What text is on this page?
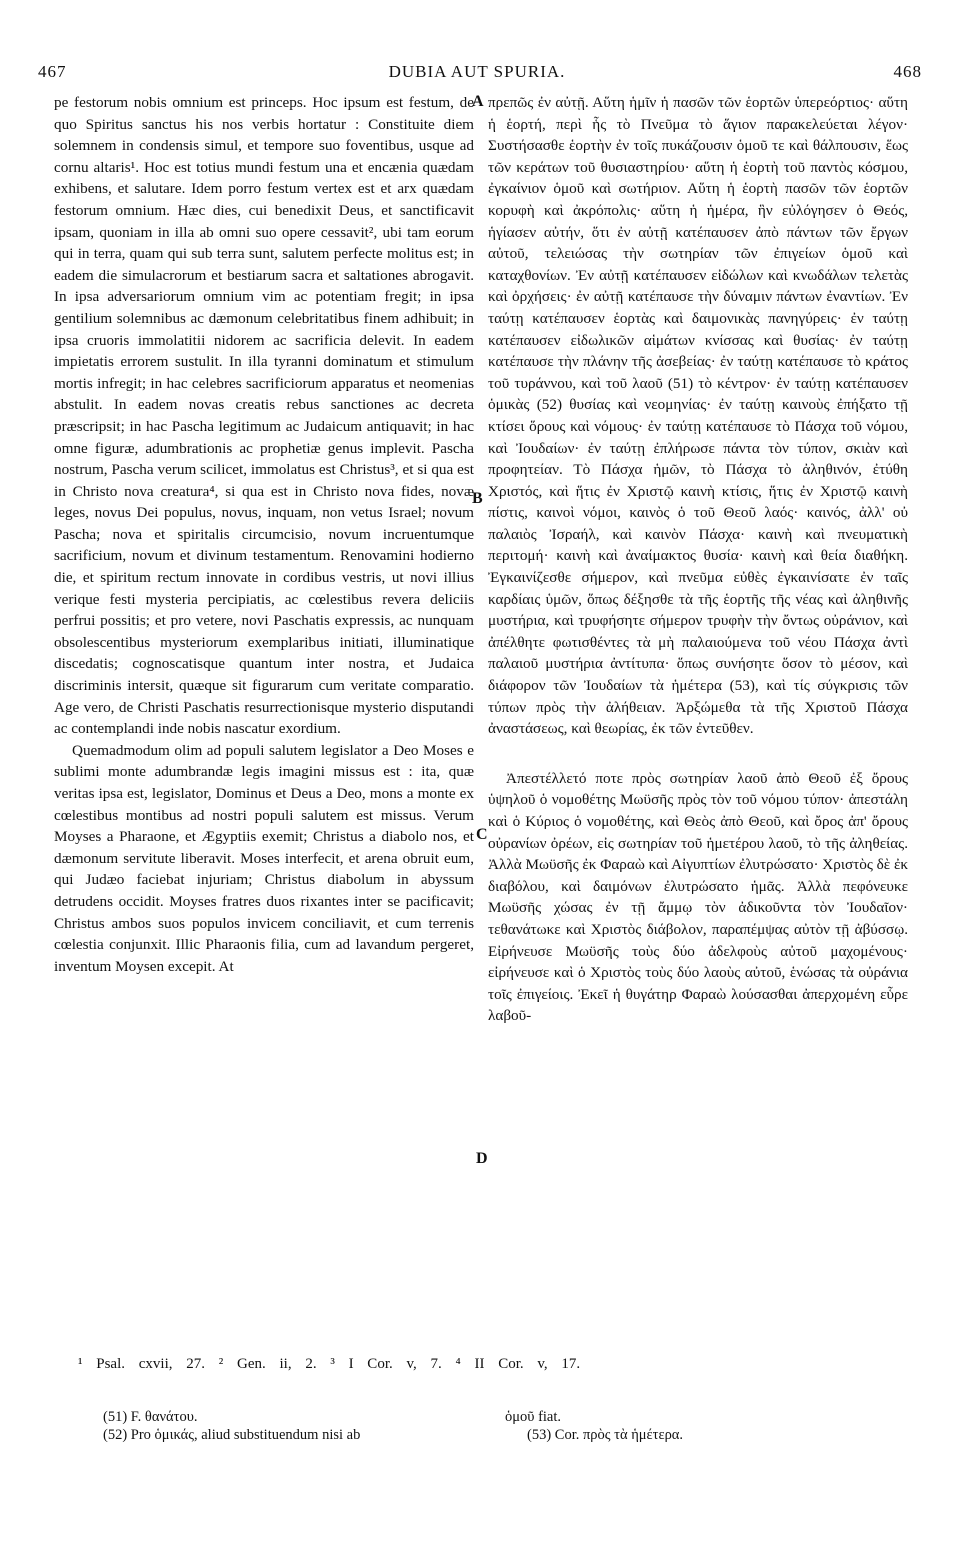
467	DUBIA AUT SPURIA.	468

pe festorum nobis omnium est princeps. Hoc ipsum est festum, de quo Spiritus sanctus his nos verbis hortatur : Constituite diem solemnem in condensis simul, et tempore suo foventibus, usque ad cornu altaris¹. Hoc est totius mundi festum una et encænia quædam exhibens, et salutare. Idem porro festum vertex est et arx quædam festorum omnium. Hæc dies, cui benedixit Deus, et sanctificavit ipsam, quoniam in illa ab omni suo opere cessavit², ubi tam eorum qui in terra, quam qui sub terra sunt, salutem perfecte molitus est; in eadem die simulacrorum et bestiarum sacra et saltationes abrogavit. In ipsa adversariorum omnium vim ac potentiam fregit; in ipsa gentilium solemnibus ac dæmonum celebritatibus finem adhibuit; in ipsa cruoris immolatitii nidorem ac sacrificia delevit. In eadem impietatis errorem sustulit. In illa tyranni dominatum et stimulum mortis infregit; in hac celebres sacrificiorum apparatus et neomenias abstulit. In eadem novas creatis rebus sanctiones ac decreta præscripsit; in hac Pascha legitimum ac Judaicum antiquavit; in hac omne figuræ, adumbrationis ac prophetiæ genus implevit. Pascha nostrum, Pascha verum scilicet, immolatus est Christus³, et si qua est in Christo nova creatura⁴, si qua est in Christo nova fides, novæ leges, novus Dei populus, novus, inquam, non vetus Israel; novum Pascha; nova et spiritalis circumcisio, novum incruentumque sacrificium, novum et divinum testamentum. Renovamini hodierno die, et spiritum rectum innovate in cordibus vestris, ut novi illius verique festi mysteria percipiatis, ac cœlestibus revera deliciis perfrui possitis; et pro vetere, novi Paschatis expressis, ac nunquam obsolescentibus mysteriorum exemplaribus initiati, illuminatique discedatis; cognoscatisque quantum inter nostra, et Judaica discriminis intersit, quæque sit figurarum cum veritate comparatio. Age vero, de Christi Paschatis resurrectionisque mysterio disputandi ac contemplandi inde nobis nascatur exordium.

Quemadmodum olim ad populi salutem legislator a Deo Moses e sublimi monte adumbrandæ legis imagini missus est : ita, quæ veritas ipsa est, legislator, Dominus et Deus a Deo, mons a monte ex cœlestibus montibus ad nostri populi salutem est missus. Verum Moyses a Pharaone, et Ægyptiis exemit; Christus a diabolo nos, et dæmonum servitute liberavit. Moses interfecit, et arena obruit eum, qui Judæo faciebat injuriam; Christus diabolum in abyssum detrudens occidit. Moyses fratres duos rixantes inter se pacificavit; Christus ambos suos populos invicem conciliavit, et cum terrenis cœlestia conjunxit. Illic Pharaonis filia, cum ad lavandum pergeret, inventum Moysen excepit. At

A
B
C
D

πρεπῶς ἐν αὐτῇ. Αὕτη ἡμῖν ἡ πασῶν τῶν ἑορτῶν ὑπερεόρτιος· αὕτη ἡ ἑορτή, περὶ ἧς τὸ Πνεῦμα τὸ ἅγιον παρακελεύεται λέγον· Συστήσασθε ἑορτὴν ἐν τοῖς πυκάζουσιν ὁμοῦ τε καὶ θάλπουσιν, ἕως τῶν κεράτων τοῦ θυσιαστηρίου· αὕτη ἡ ἑορτὴ τοῦ παντὸς κόσμου, ἐγκαίνιον ὁμοῦ καὶ σωτήριον. Αὕτη ἡ ἑορτὴ πασῶν τῶν ἑορτῶν κορυφὴ καὶ ἀκρόπολις· αὕτη ἡ ἡμέρα, ἣν εὐλόγησεν ὁ Θεός, ἡγίασεν αὐτήν, ὅτι ἐν αὐτῇ κατέπαυσεν ἀπὸ πάντων τῶν ἔργων αὐτοῦ, τελειώσας τὴν σωτηρίαν τῶν ἐπιγείων ὁμοῦ καὶ καταχθονίων. Ἐν αὐτῇ κατέπαυσεν εἰδώλων καὶ κνωδάλων τελετὰς καὶ ὀρχήσεις· ἐν αὐτῇ κατέπαυσε τὴν δύναμιν πάντων ἐναντίων. Ἐν ταύτῃ κατέπαυσεν ἑορτὰς καὶ δαιμονικὰς πανηγύρεις· ἐν ταύτῃ κατέπαυσεν εἰδωλικῶν αἱμάτων κνίσσας καὶ θυσίας· ἐν ταύτῃ κατέπαυσε τὴν πλάνην τῆς ἀσεβείας· ἐν ταύτῃ κατέπαυσε τὸ κράτος τοῦ τυράννου, καὶ τοῦ λαοῦ (51) τὸ κέντρον· ἐν ταύτῃ κατέπαυσεν ὁμικὰς (52) θυσίας καὶ νεομηνίας· ἐν ταύτῃ καινοὺς ἐπήξατο τῇ κτίσει ὅρους καὶ νόμους· ἐν ταύτῃ κατέπαυσε τὸ Πάσχα τοῦ νόμου, καὶ Ἰουδαίων· ἐν ταύτῃ ἐπλήρωσε πάντα τὸν τύπον, σκιὰν καὶ προφητείαν. Τὸ Πάσχα ἡμῶν, τὸ Πάσχα τὸ ἀληθινόν, ἐτύθη Χριστός, καὶ ἥτις ἐν Χριστῷ καινὴ κτίσις, ἥτις ἐν Χριστῷ καινὴ πίστις, καινοὶ νόμοι, καινὸς ὁ τοῦ Θεοῦ λαός· καινός, ἀλλ' οὐ παλαιὸς Ἰσραήλ, καὶ καινὸν Πάσχα· καινὴ καὶ πνευματικὴ περιτομή· καινὴ καὶ ἀναίμακτος θυσία· καινὴ καὶ θεία διαθήκη. Ἐγκαινίζεσθε σήμερον, καὶ πνεῦμα εὐθὲς ἐγκαινίσατε ἐν ταῖς καρδίαις ὑμῶν, ὅπως δέξησθε τὰ τῆς ἑορτῆς τῆς νέας καὶ ἀληθινῆς μυστήρια, καὶ τρυφήσητε σήμερον τρυφὴν τὴν ὄντως οὐράνιον, καὶ ἀπέλθητε φωτισθέντες τὰ μὴ παλαιούμενα τοῦ νέου Πάσχα ἀντὶ παλαιοῦ μυστήρια ἀντίτυπα· ὅπως συνήσητε ὅσον τὸ μέσον, καὶ διάφορον τῶν Ἰουδαίων τὰ ἡμέτερα (53), καὶ τίς σύγκρισις τῶν τύπων πρὸς τὴν ἀλήθειαν. Ἀρξώμεθα τὰ τῆς Χριστοῦ Πάσχα ἀναστάσεως, καὶ θεωρίας, ἐκ τῶν ἐντεῦθεν.

Ἀπεστέλλετό ποτε πρὸς σωτηρίαν λαοῦ ἀπὸ Θεοῦ ἐξ ὄρους ὑψηλοῦ ὁ νομοθέτης Μωϋσῆς πρὸς τὸν τοῦ νόμου τύπον· ἀπεστάλη καὶ ὁ Κύριος ὁ νομοθέτης, καὶ Θεὸς ἀπὸ Θεοῦ, καὶ ὄρος ἀπ' ὄρους οὐρανίων ὀρέων, εἰς σωτηρίαν τοῦ ἡμετέρου λαοῦ, τὸ τῆς ἀληθείας. Ἀλλὰ Μωϋσῆς ἐκ Φαραὼ καὶ Αἰγυπτίων ἐλυτρώσατο· Χριστὸς δὲ ἐκ διαβόλου, καὶ δαιμόνων ἐλυτρώσατο ἡμᾶς. Ἀλλὰ πεφόνευκε Μωϋσῆς χώσας ἐν τῇ ἄμμῳ τὸν ἀδικοῦντα τὸν Ἰουδαῖον· τεθανάτωκε καὶ Χριστὸς διάβολον, παραπέμψας αὐτὸν τῇ ἀβύσσῳ. Εἰρήνευσε Μωϋσῆς τοὺς δύο ἀδελφοὺς αὐτοῦ μαχομένους· εἰρήνευσε καὶ ὁ Χριστὸς τοὺς δύο λαοὺς αὐτοῦ, ἑνώσας τὰ οὐράνια τοῖς ἐπιγείοις. Ἐκεῖ ἡ θυγάτηρ Φαραὼ λούσασθαι ἀπερχομένη εὗρε λαβοῦ-

¹ Psal. cxvii, 27. ² Gen. ii, 2. ³ I Cor. v, 7. ⁴ II Cor. v, 17.
(51) F. θανάτου.
(52) Pro ὁμικάς, aliud substituendum nisi ab
ὁμοῦ fiat.
(53) Cor. πρὸς τὰ ἡμέτερα.
